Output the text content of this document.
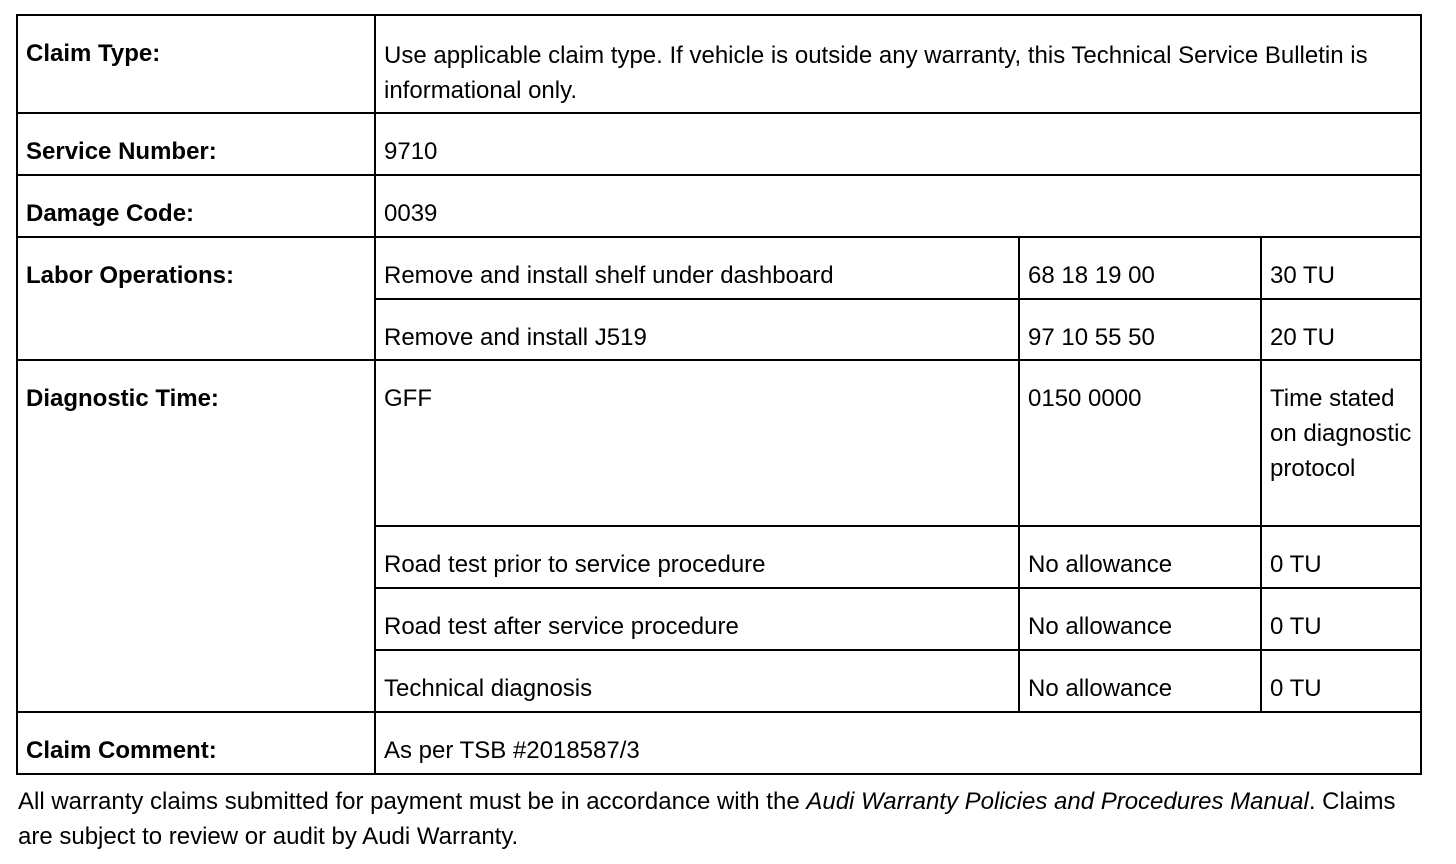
Claim Type:	Use applicable claim type. If vehicle is outside any warranty, this Technical Service Bulletin is informational only.		
Service Number:	9710		
Damage Code:	0039		
Labor Operations:	Remove and install shelf under dashboard	68 18 19 00	30 TU
	Remove and install J519	97 10 55 50	20 TU
Diagnostic Time:	GFF	0150 0000	Time stated on diagnostic protocol
	Road test prior to service procedure	No allowance	0 TU
	Road test after service procedure	No allowance	0 TU
	Technical diagnosis	No allowance	0 TU
Claim Comment:	As per TSB #2018587/3		
All warranty claims submitted for payment must be in accordance with the Audi Warranty Policies and Procedures Manual. Claims are subject to review or audit by Audi Warranty.
